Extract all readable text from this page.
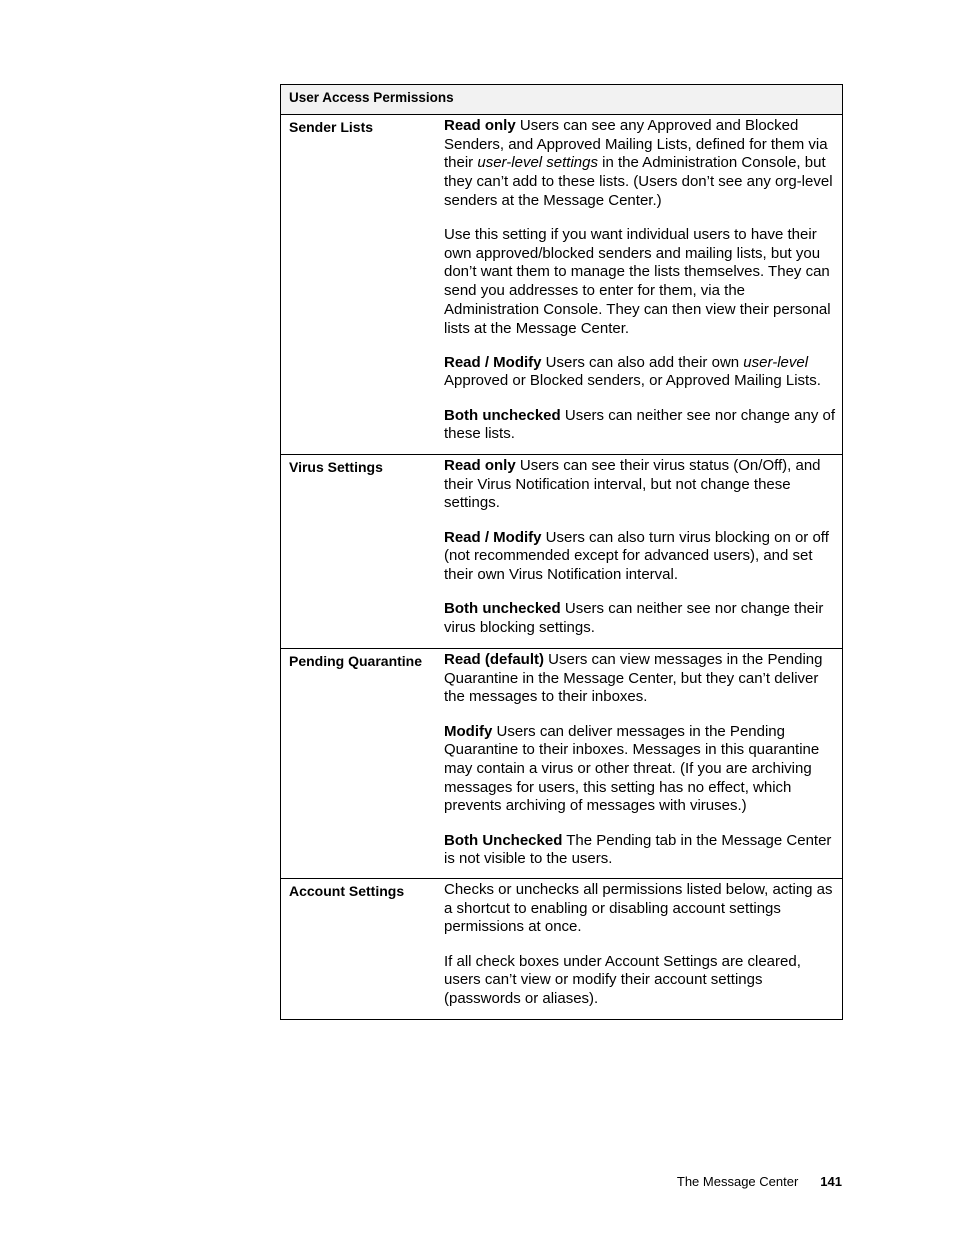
User Access Permissions
Sender Lists	Read only Users can see any Approved and Blocked Senders, and Approved Mailing Lists, defined for them via their user-level settings in the Administration Console, but they can’t add to these lists. (Users don’t see any org-level senders at the Message Center.)

Use this setting if you want individual users to have their own approved/blocked senders and mailing lists, but you don’t want them to manage the lists themselves. They can send you addresses to enter for them, via the Administration Console. They can then view their personal lists at the Message Center.

Read / Modify Users can also add their own user-level Approved or Blocked senders, or Approved Mailing Lists.

Both unchecked Users can neither see nor change any of these lists.

Virus Settings	Read only Users can see their virus status (On/Off), and their Virus Notification interval, but not change these settings.

Read / Modify Users can also turn virus blocking on or off (not recommended except for advanced users), and set their own Virus Notification interval.

Both unchecked Users can neither see nor change their virus blocking settings.

Pending Quarantine	Read (default) Users can view messages in the Pending Quarantine in the Message Center, but they can’t deliver the messages to their inboxes.

Modify Users can deliver messages in the Pending Quarantine to their inboxes. Messages in this quarantine may contain a virus or other threat. (If you are archiving messages for users, this setting has no effect, which prevents archiving of messages with viruses.)

Both Unchecked The Pending tab in the Message Center is not visible to the users.

Account Settings	Checks or unchecks all permissions listed below, acting as a shortcut to enabling or disabling account settings permissions at once.

If all check boxes under Account Settings are cleared, users can’t view or modify their account settings (passwords or aliases).

The Message Center 141
